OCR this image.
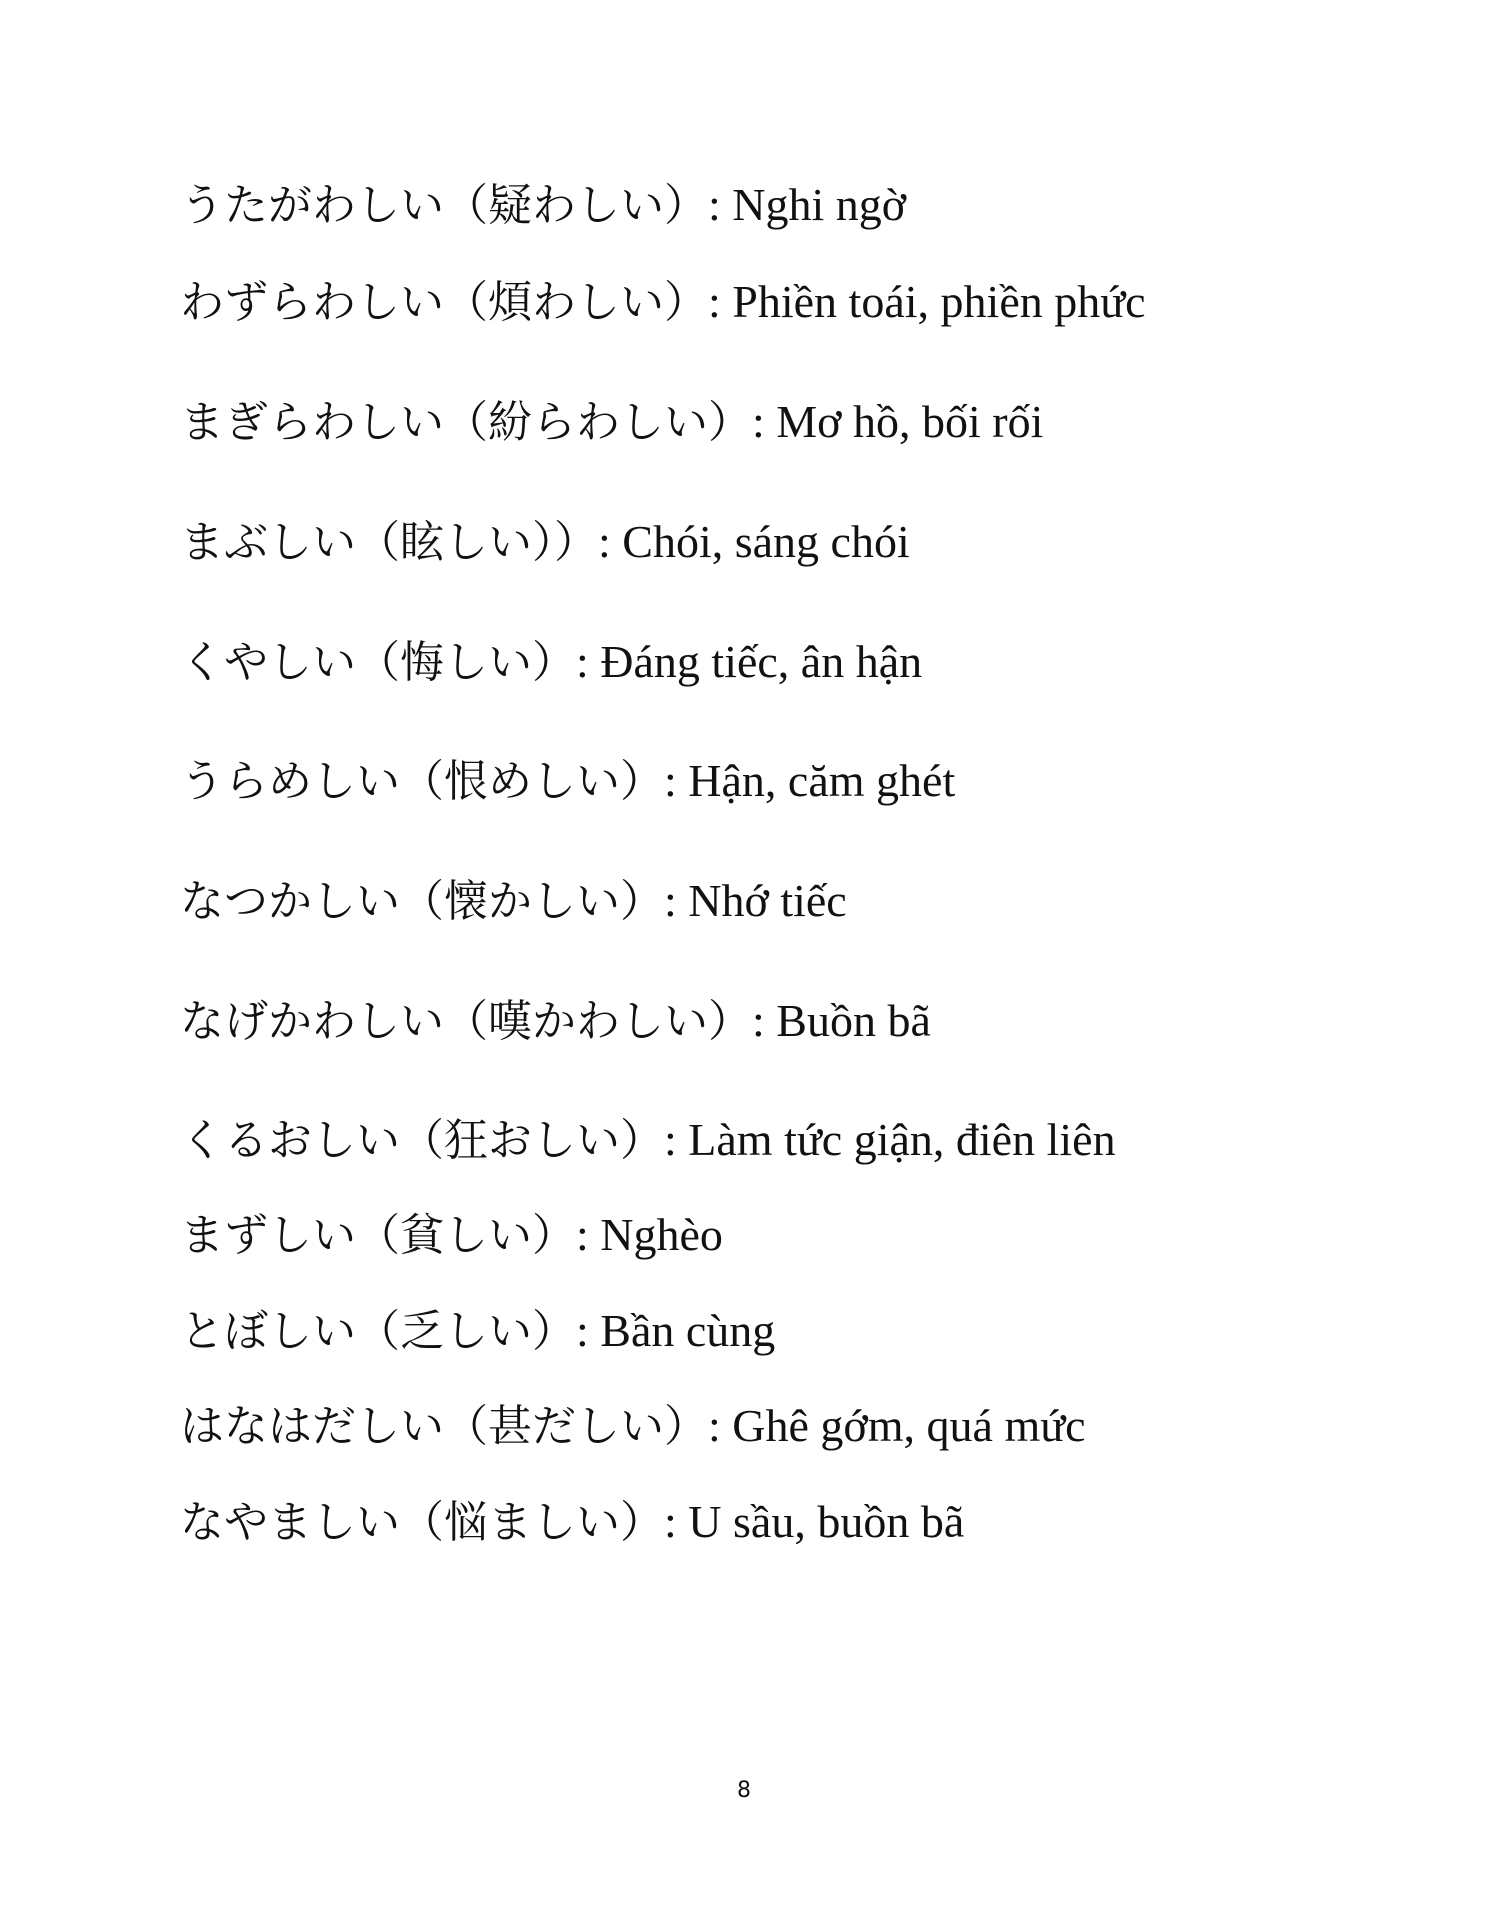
うたがわしい（疑わしい）: Nghi ngờ
わずらわしい（煩わしい）: Phiền toái, phiền phức
まぎらわしい（紛らわしい）: Mơ hồ, bối rối
まぶしい（眩しい））: Chói, sáng chói
くやしい（悔しい）: Đáng tiếc, ân hận
うらめしい（恨めしい）: Hận, căm ghét
なつかしい（懐かしい）: Nhớ tiếc
なげかわしい（嘆かわしい）: Buồn bã
くるおしい（狂おしい）: Làm tức giận, điên liên
まずしい（貧しい）: Nghèo
とぼしい（乏しい）: Bần cùng
はなはだしい（甚だしい）: Ghê gớm, quá mức
なやましい（悩ましい）: U sầu, buồn bã
8
